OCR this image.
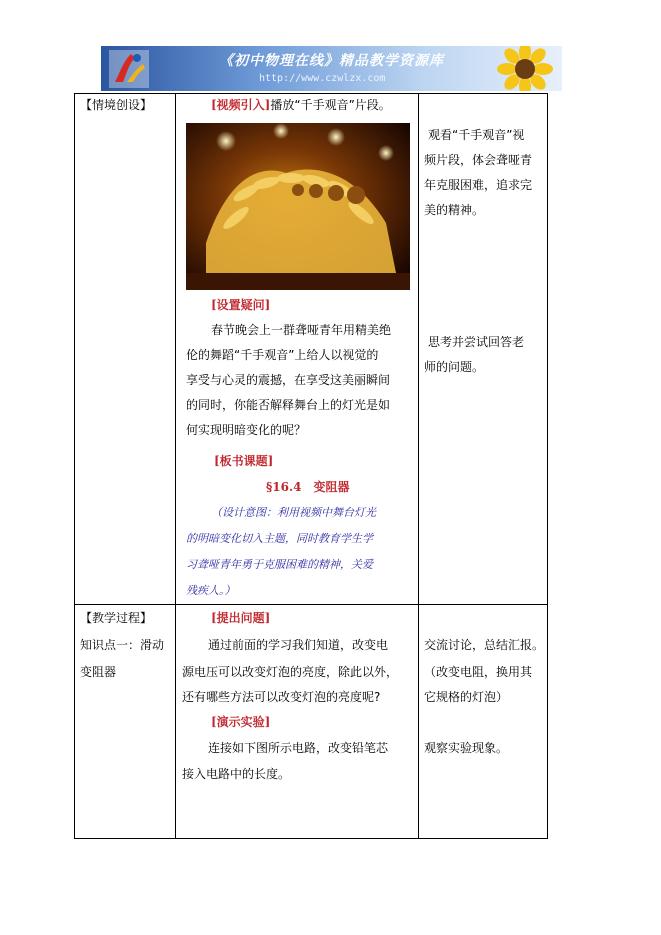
《初中物理在线》精品教学资源库
http://www.czwlzx.com
【情境创设】	[视频引入]播放“千手观音”片段。
[设置疑问]
春节晚会上一群聋哑青年用精美绝
伦的舞蹈“千手观音”上给人以视觉的
享受与心灵的震撼，在享受这美丽瞬间
的同时，你能否解释舞台上的灯光是如
何实现明暗变化的呢？
[板书课题]
§16.4　变阻器
（设计意图：利用视频中舞台灯光
的明暗变化切入主题，同时教育学生学
习聋哑青年勇于克服困难的精神，关爱
残疾人。）
观看“千手观音”视
频片段，体会聋哑青
年克服困难，追求完
美的精神。
思考并尝试回答老
师的问题。
【教学过程】
知识点一：滑动
变阻器
[提出问题]
通过前面的学习我们知道，改变电
源电压可以改变灯泡的亮度，除此以外，
还有哪些方法可以改变灯泡的亮度呢?
[演示实验]
连接如下图所示电路，改变铅笔芯
接入电路中的长度。
交流讨论，总结汇报。
（改变电阻，换用其
它规格的灯泡）
观察实验现象。
